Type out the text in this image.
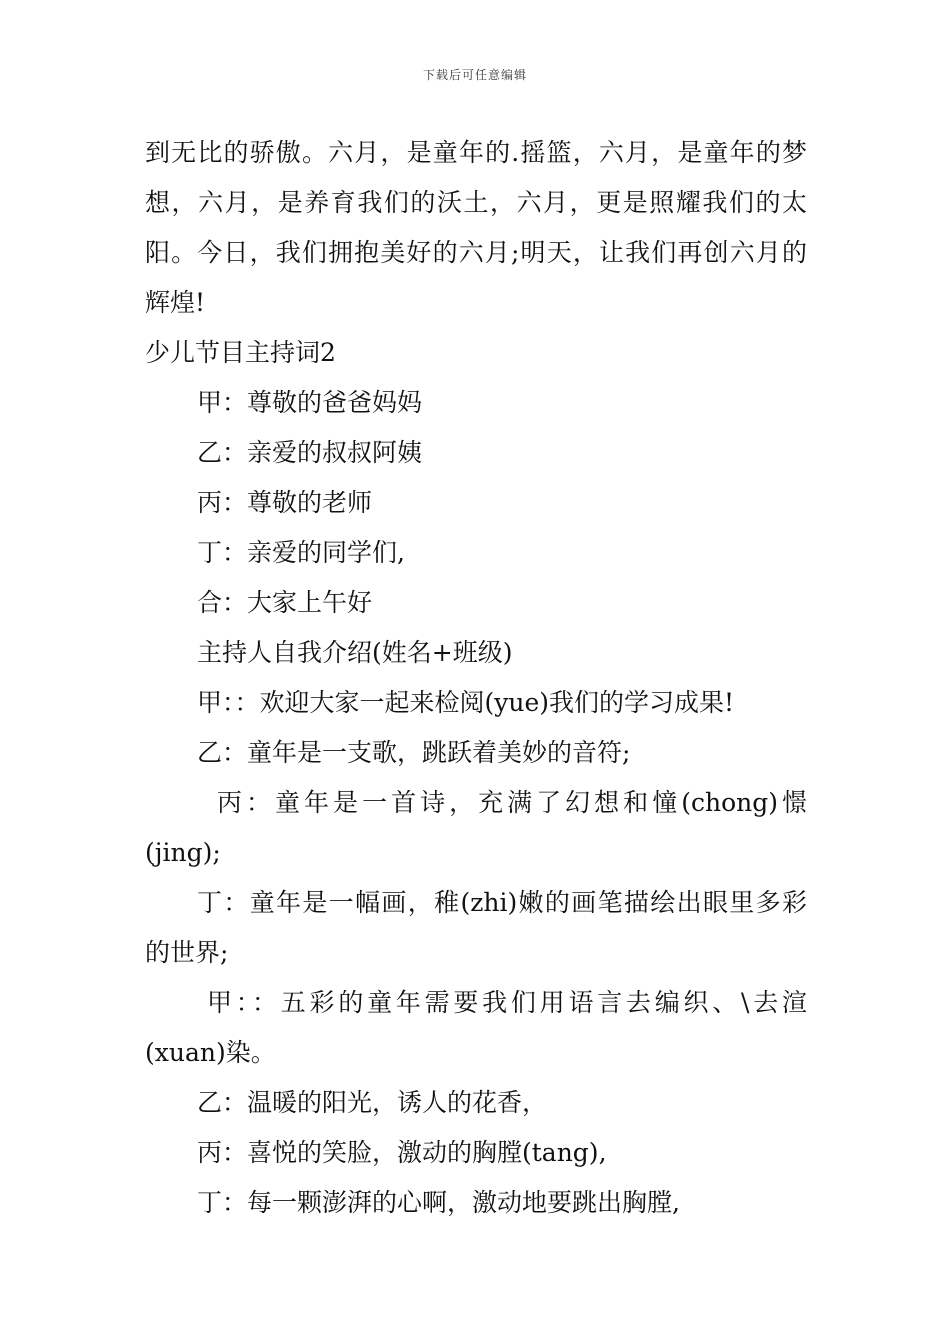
下载后可任意编辑

到无比的骄傲。六月，是童年的.摇篮，六月，是童年的梦

想，六月，是养育我们的沃土，六月，更是照耀我们的太

阳。今日，我们拥抱美好的六月;明天，让我们再创六月的

辉煌!

少儿节目主持词2

甲：尊敬的爸爸妈妈

乙：亲爱的叔叔阿姨

丙：尊敬的老师

丁：亲爱的同学们,

合：大家上午好

主持人自我介绍(姓名+班级)

甲：：欢迎大家一起来检阅(yue)我们的学习成果!

乙：童年是一支歌，跳跃着美妙的音符;

丙：童年是一首诗，充满了幻想和憧(chong)憬

(jing);

丁：童年是一幅画，稚(zhi)嫩的画笔描绘出眼里多彩

的世界;

甲：：五彩的童年需要我们用语言去编织、\去渲

(xuan)染。

乙：温暖的阳光，诱人的花香，

丙：喜悦的笑脸，激动的胸膛(tang),

丁：每一颗澎湃的心啊，激动地要跳出胸膛,
